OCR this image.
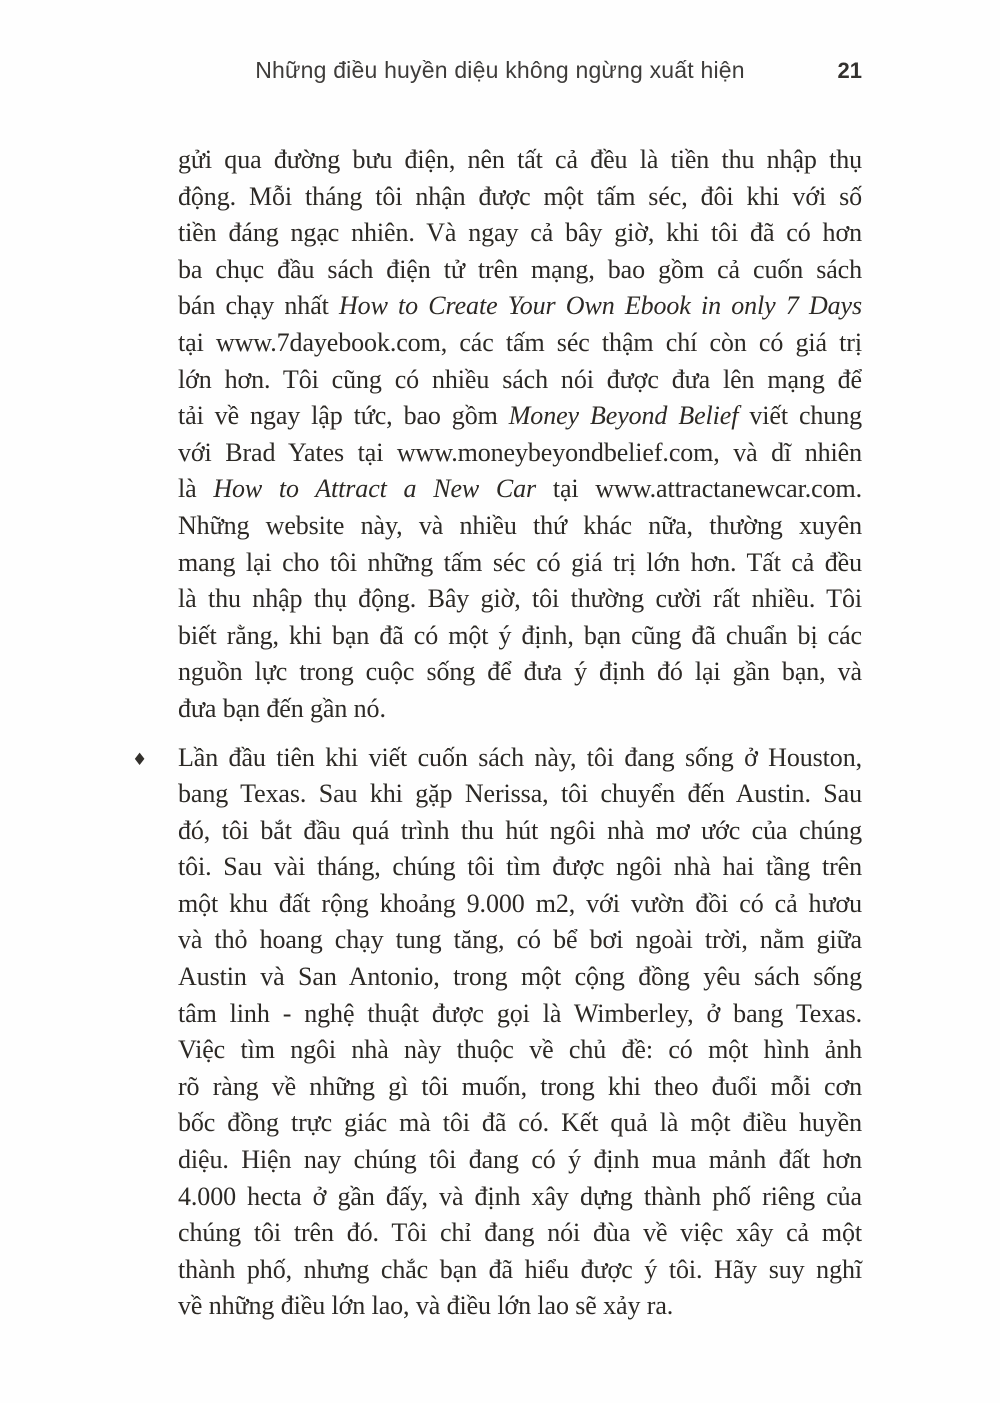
Những điều huyền diệu không ngừng xuất hiện	21
gửi qua đường bưu điện, nên tất cả đều là tiền thu nhập thụ
động. Mỗi tháng tôi nhận được một tấm séc, đôi khi với số
tiền đáng ngạc nhiên. Và ngay cả bây giờ, khi tôi đã có hơn
ba chục đầu sách điện tử trên mạng, bao gồm cả cuốn sách
bán chạy nhất How to Create Your Own Ebook in only 7 Days
tại www.7dayebook.com, các tấm séc thậm chí còn có giá trị
lớn hơn. Tôi cũng có nhiều sách nói được đưa lên mạng để
tải về ngay lập tức, bao gồm Money Beyond Belief viết chung
với Brad Yates tại www.moneybeyondbelief.com, và dĩ nhiên
là How to Attract a New Car tại www.attractanewcar.com.
Những website này, và nhiều thứ khác nữa, thường xuyên
mang lại cho tôi những tấm séc có giá trị lớn hơn. Tất cả đều
là thu nhập thụ động. Bây giờ, tôi thường cười rất nhiều. Tôi
biết rằng, khi bạn đã có một ý định, bạn cũng đã chuẩn bị các
nguồn lực trong cuộc sống để đưa ý định đó lại gần bạn, và
đưa bạn đến gần nó.
♦ Lần đầu tiên khi viết cuốn sách này, tôi đang sống ở Houston,
bang Texas. Sau khi gặp Nerissa, tôi chuyển đến Austin. Sau
đó, tôi bắt đầu quá trình thu hút ngôi nhà mơ ước của chúng
tôi. Sau vài tháng, chúng tôi tìm được ngôi nhà hai tầng trên
một khu đất rộng khoảng 9.000 m2, với vườn đồi có cả hươu
và thỏ hoang chạy tung tăng, có bể bơi ngoài trời, nằm giữa
Austin và San Antonio, trong một cộng đồng yêu sách sống
tâm linh - nghệ thuật được gọi là Wimberley, ở bang Texas.
Việc tìm ngôi nhà này thuộc về chủ đề: có một hình ảnh
rõ ràng về những gì tôi muốn, trong khi theo đuổi mỗi cơn
bốc đồng trực giác mà tôi đã có. Kết quả là một điều huyền
diệu. Hiện nay chúng tôi đang có ý định mua mảnh đất hơn
4.000 hecta ở gần đấy, và định xây dựng thành phố riêng của
chúng tôi trên đó. Tôi chỉ đang nói đùa về việc xây cả một
thành phố, nhưng chắc bạn đã hiểu được ý tôi. Hãy suy nghĩ
về những điều lớn lao, và điều lớn lao sẽ xảy ra.
